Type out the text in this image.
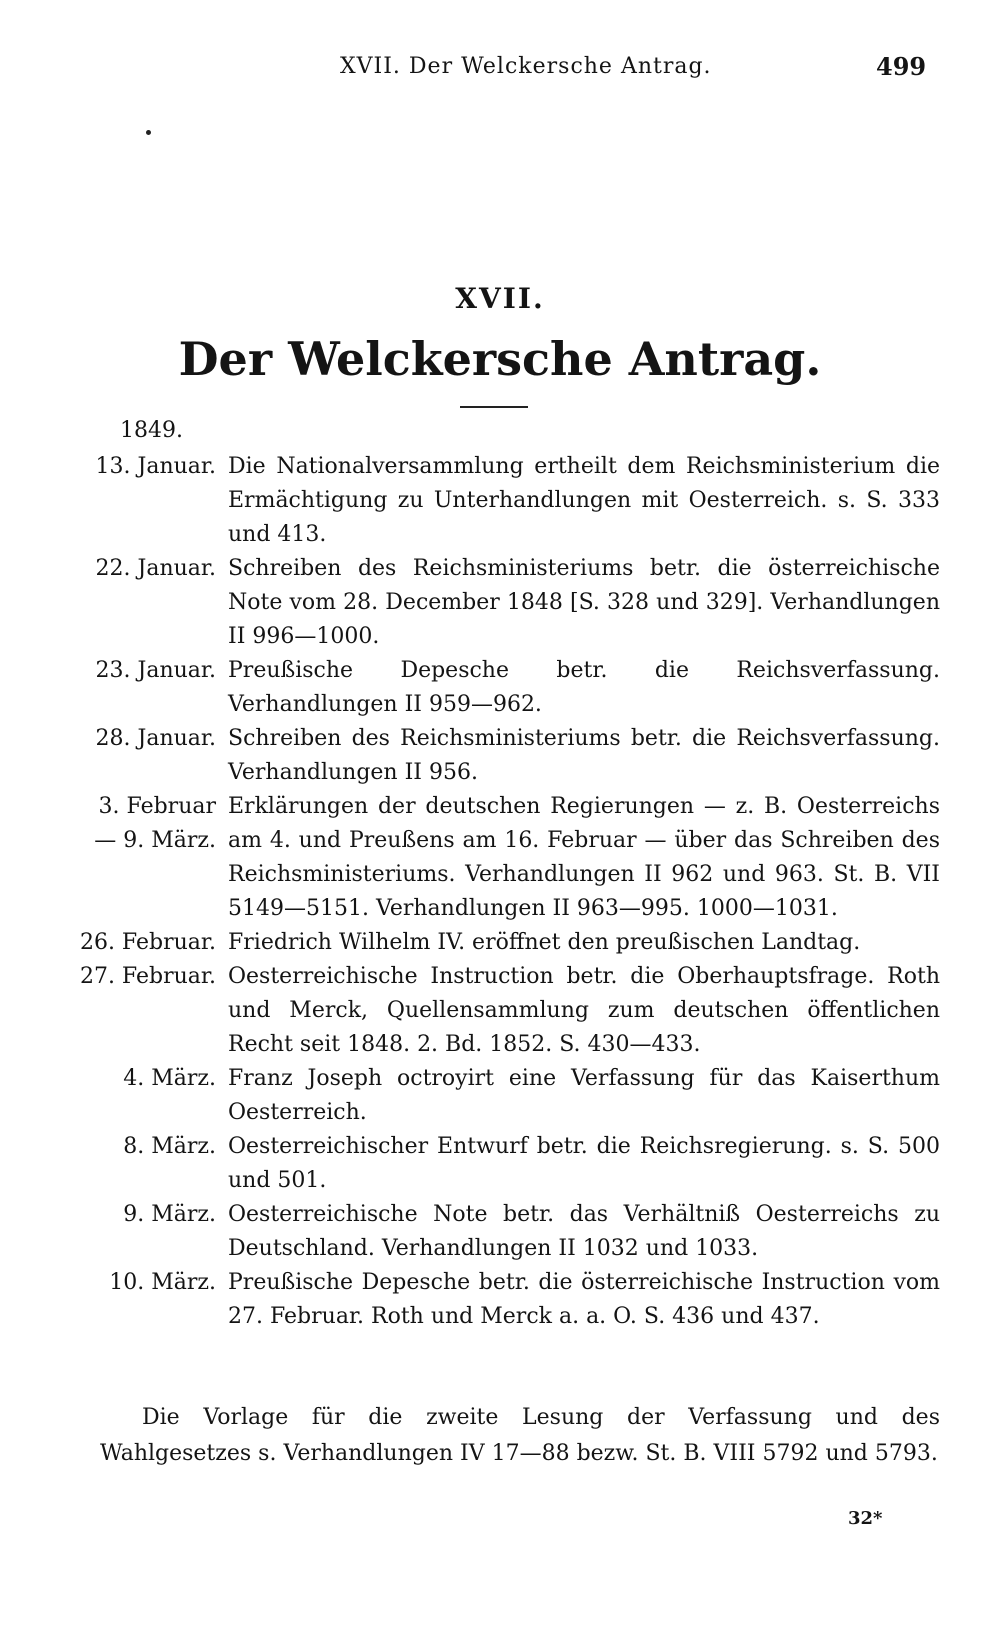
XVII. Der Welckersche Antrag.	499
XVII.
Der Welckersche Antrag.
1849.
13. Januar. Die Nationalversammlung ertheilt dem Reichsministerium die Ermächtigung zu Unterhandlungen mit Oesterreich. s. S. 333 und 413.
22. Januar. Schreiben des Reichsministeriums betr. die österreichische Note vom 28. December 1848 [S. 328 und 329]. Verhandlungen II 996—1000.
23. Januar. Preußische Depesche betr. die Reichsverfassung. Verhandlungen II 959—962.
28. Januar. Schreiben des Reichsministeriums betr. die Reichsverfassung. Verhandlungen II 956.
3. Februar
— 9. März.
Erklärungen der deutschen Regierungen — z. B. Oesterreichs am 4. und Preußens am 16. Februar — über das Schreiben des Reichsministeriums. Verhandlungen II 962 und 963. St. B. VII 5149—5151. Verhandlungen II 963—995. 1000—1031.
26. Februar. Friedrich Wilhelm IV. eröffnet den preußischen Landtag.
27. Februar. Oesterreichische Instruction betr. die Oberhauptsfrage. Roth und Merck, Quellensammlung zum deutschen öffentlichen Recht seit 1848. 2. Bd. 1852. S. 430—433.
4. März. Franz Joseph octroyirt eine Verfassung für das Kaiserthum Oesterreich.
8. März. Oesterreichischer Entwurf betr. die Reichsregierung. s. S. 500 und 501.
9. März. Oesterreichische Note betr. das Verhältniß Oesterreichs zu Deutschland. Verhandlungen II 1032 und 1033.
10. März. Preußische Depesche betr. die österreichische Instruction vom 27. Februar. Roth und Merck a. a. O. S. 436 und 437.
Die Vorlage für die zweite Lesung der Verfassung und des Wahlgesetzes s. Verhandlungen IV 17—88 bezw. St. B. VIII 5792 und 5793.
32*
